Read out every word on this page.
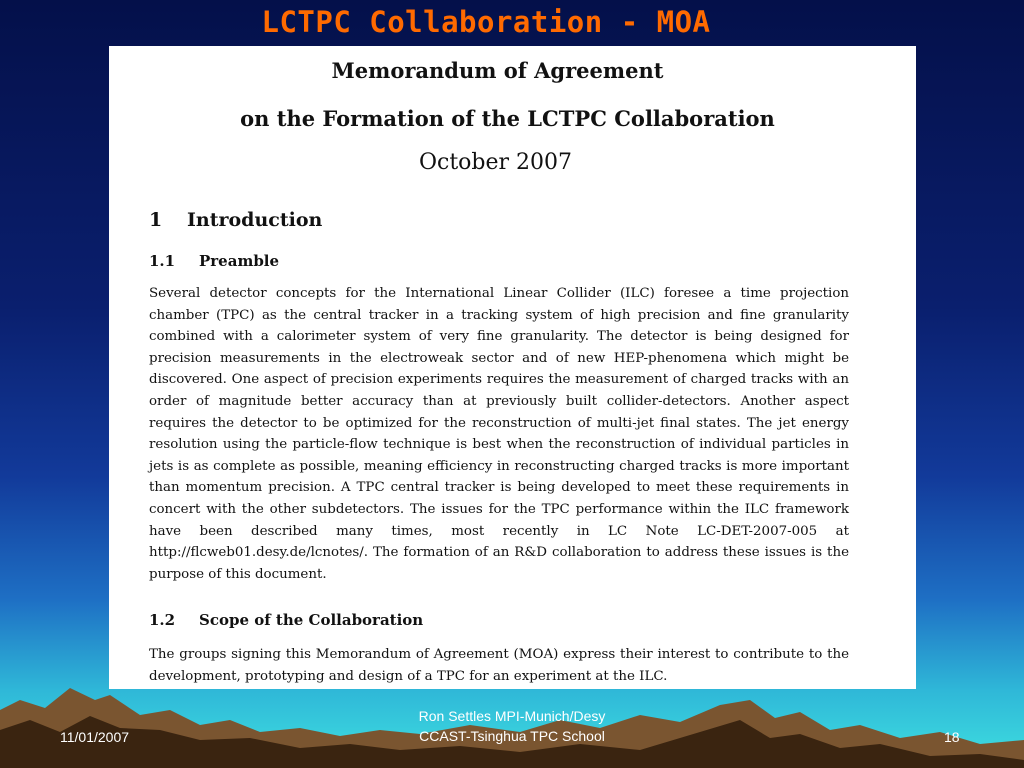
LCTPC Collaboration - MOA
Memorandum of Agreement
on the Formation of the LCTPC Collaboration
October 2007
1 Introduction
1.1 Preamble

Several detector concepts for the International Linear Collider (ILC) foresee a time projection chamber (TPC) as the central tracker in a tracking system of high precision and fine granularity combined with a calorimeter system of very fine granularity. The detector is being designed for precision measurements in the electroweak sector and of new HEP-phenomena which might be discovered. One aspect of precision experiments requires the measurement of charged tracks with an order of magnitude better accuracy than at previously built collider-detectors. Another aspect requires the detector to be optimized for the reconstruction of multi-jet final states. The jet energy resolution using the particle-flow technique is best when the reconstruction of individual particles in jets is as complete as possible, meaning efficiency in reconstructing charged tracks is more important than momentum precision. A TPC central tracker is being developed to meet these requirements in concert with the other subdetectors. The issues for the TPC performance within the ILC framework have been described many times, most recently in LC Note LC-DET-2007-005 at http://flcweb01.desy.de/lcnotes/. The formation of an R&D collaboration to address these issues is the purpose of this document.

1.2 Scope of the Collaboration

The groups signing this Memorandum of Agreement (MOA) express their interest to contribute to the development, prototyping and design of a TPC for an experiment at the ILC.

11/01/2007
Ron Settles MPI-Munich/Desy
CCAST-Tsinghua TPC School	18
